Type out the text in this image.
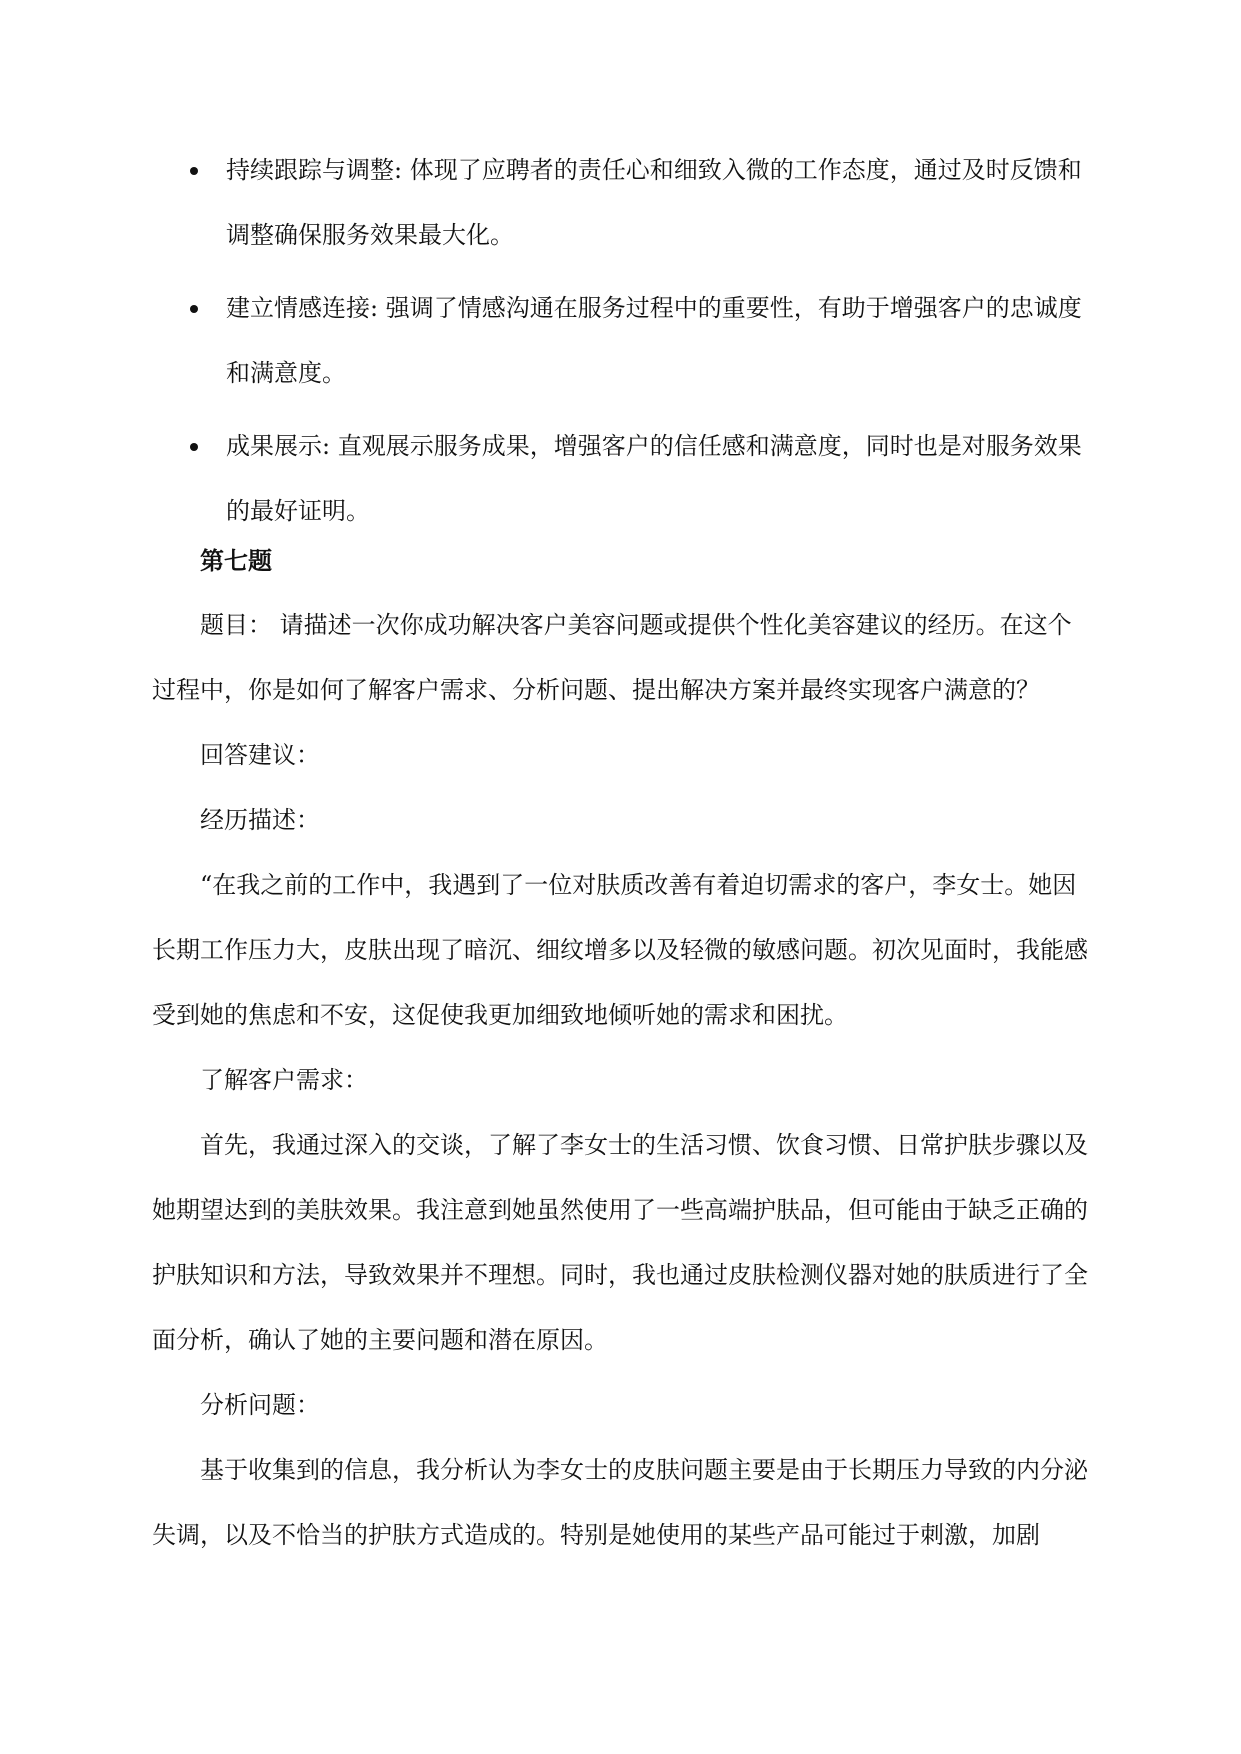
持续跟踪与调整: 体现了应聘者的责任心和细致入微的工作态度，通过及时反馈和调整确保服务效果最大化。
建立情感连接: 强调了情感沟通在服务过程中的重要性，有助于增强客户的忠诚度和满意度。
成果展示: 直观展示服务成果，增强客户的信任感和满意度，同时也是对服务效果的最好证明。

第七题

题目： 请描述一次你成功解决客户美容问题或提供个性化美容建议的经历。在这个过程中，你是如何了解客户需求、分析问题、提出解决方案并最终实现客户满意的？

回答建议：

经历描述：

“在我之前的工作中，我遇到了一位对肤质改善有着迫切需求的客户，李女士。她因长期工作压力大，皮肤出现了暗沉、细纹增多以及轻微的敏感问题。初次见面时，我能感受到她的焦虑和不安，这促使我更加细致地倾听她的需求和困扰。

了解客户需求：

首先，我通过深入的交谈，了解了李女士的生活习惯、饮食习惯、日常护肤步骤以及她期望达到的美肤效果。我注意到她虽然使用了一些高端护肤品，但可能由于缺乏正确的护肤知识和方法，导致效果并不理想。同时，我也通过皮肤检测仪器对她的肤质进行了全面分析，确认了她的主要问题和潜在原因。

分析问题：

基于收集到的信息，我分析认为李女士的皮肤问题主要是由于长期压力导致的内分泌失调，以及不恰当的护肤方式造成的。特别是她使用的某些产品可能过于刺激，加剧
